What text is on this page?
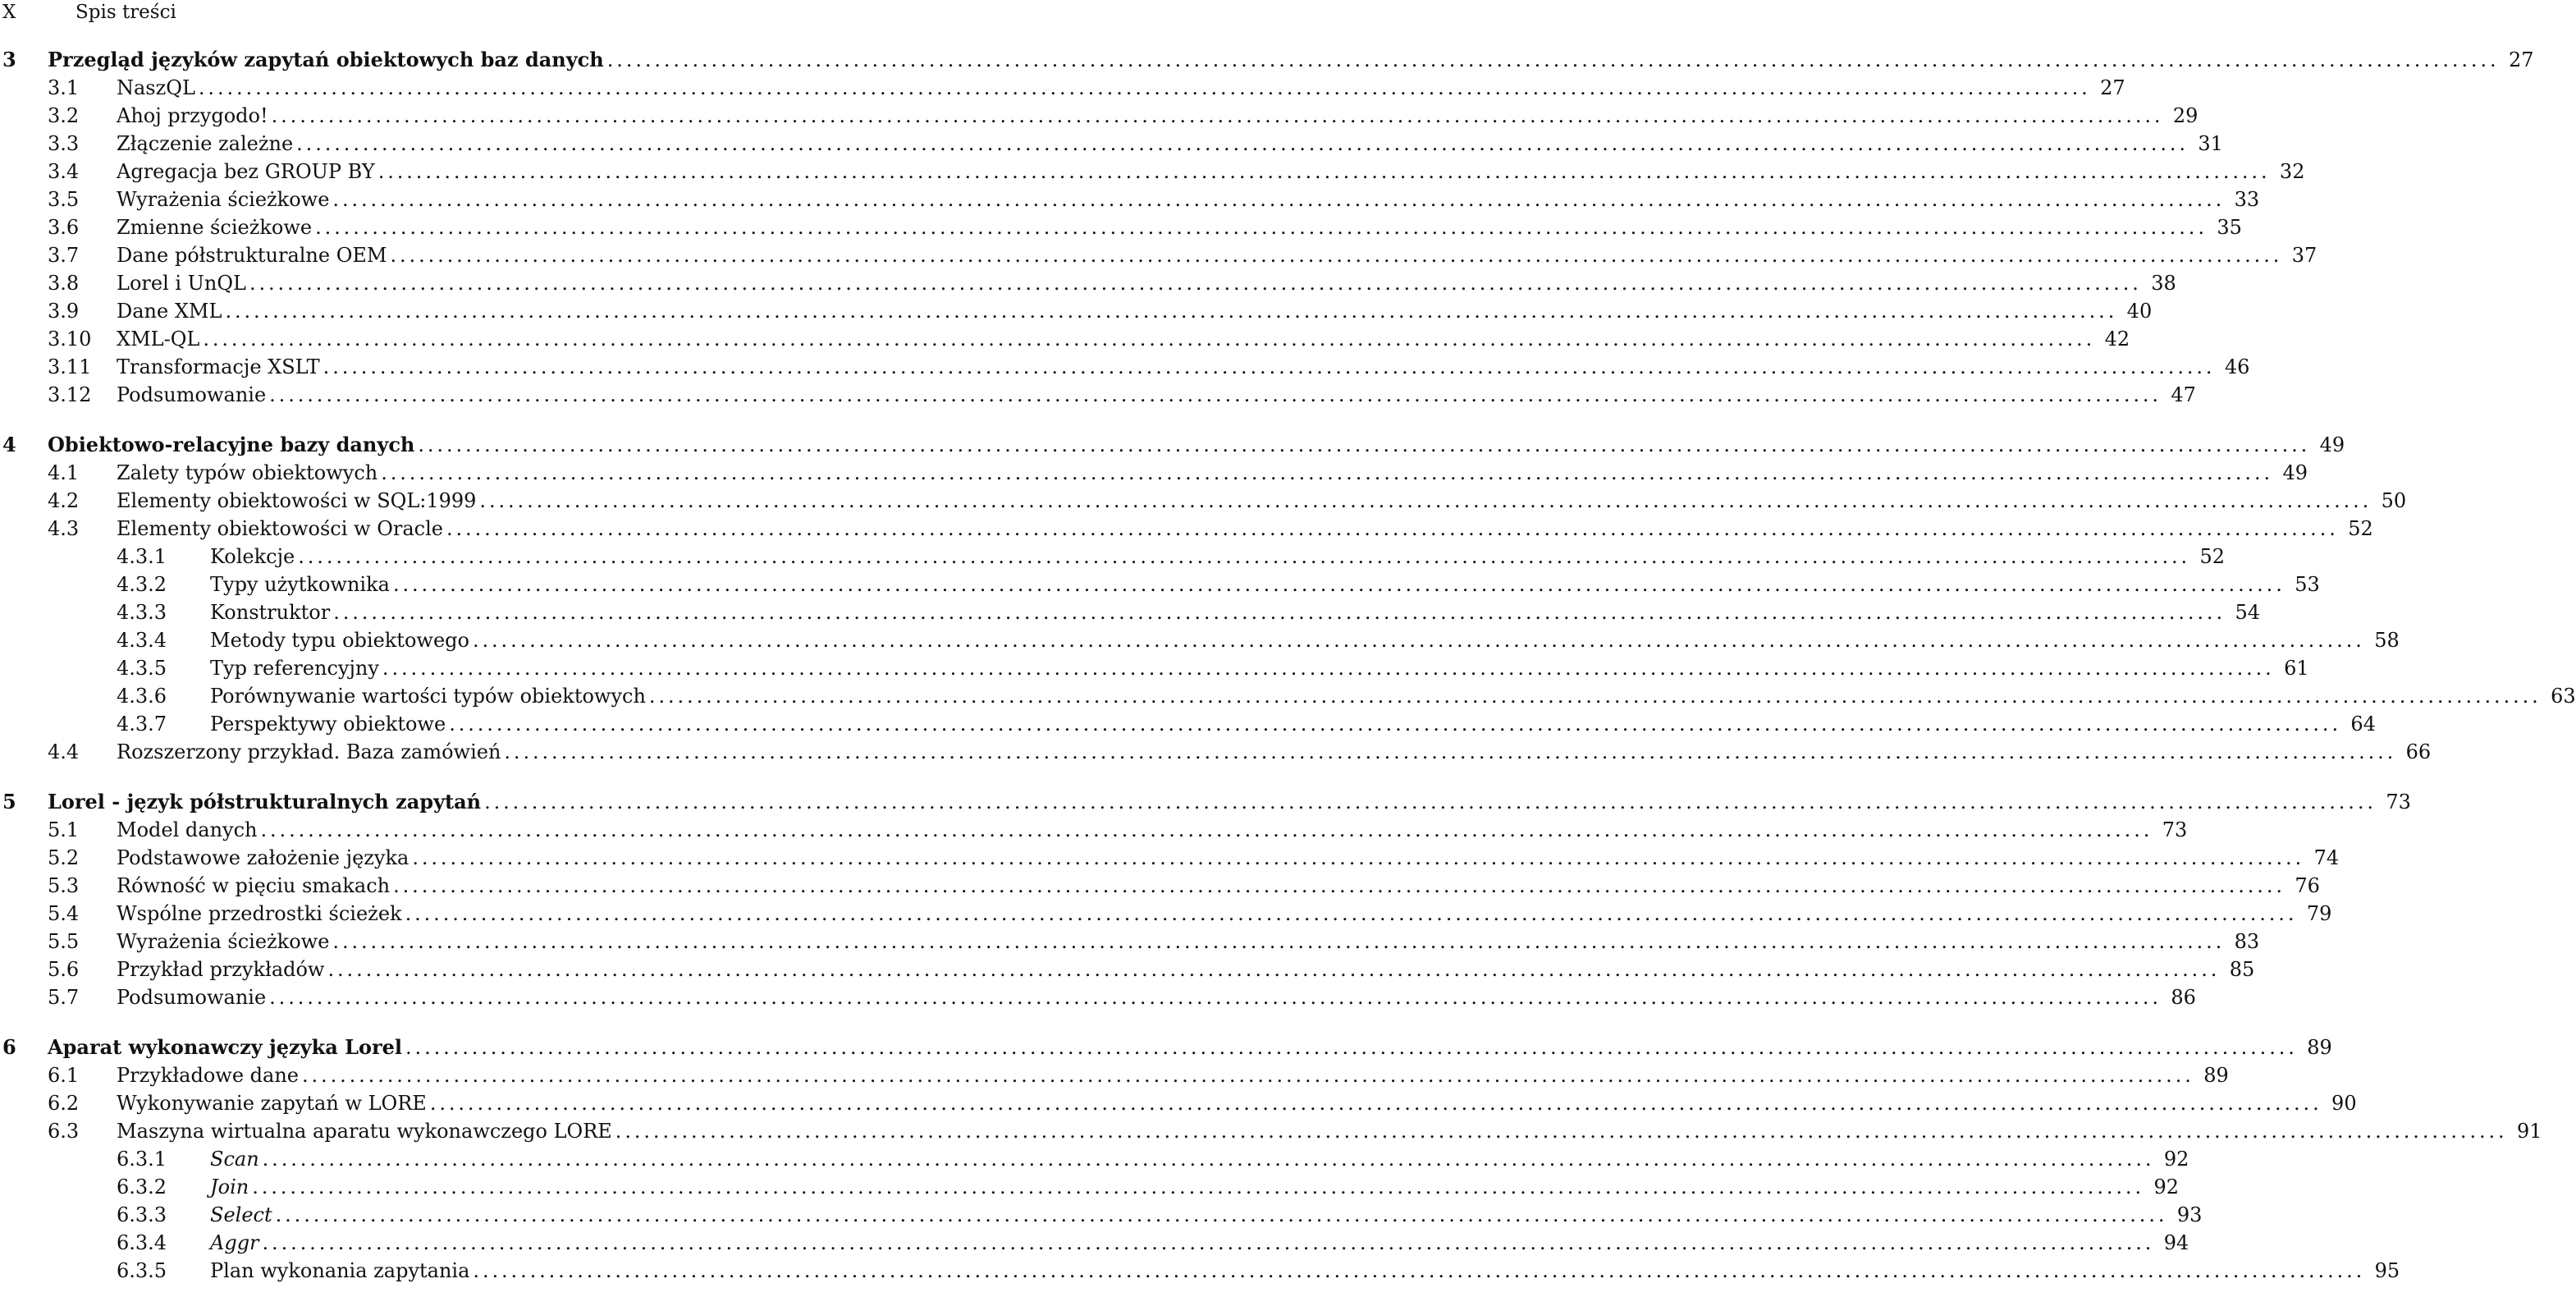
X	Spis treści
3 Przegląd języków zapytań obiektowych baz danych ........................................................................................................................................................................................................ 27
3.1 NaszQL ........................................................................................................................................................................................................ 27
3.2 Ahoj przygodo! ........................................................................................................................................................................................................ 29
3.3 Złączenie zależne ........................................................................................................................................................................................................ 31
3.4 Agregacja bez GROUP BY ........................................................................................................................................................................................................ 32
3.5 Wyrażenia ścieżkowe ........................................................................................................................................................................................................ 33
3.6 Zmienne ścieżkowe ........................................................................................................................................................................................................ 35
3.7 Dane półstrukturalne OEM ........................................................................................................................................................................................................ 37
3.8 Lorel i UnQL ........................................................................................................................................................................................................ 38
3.9 Dane XML ........................................................................................................................................................................................................ 40
3.10 XML-QL ........................................................................................................................................................................................................ 42
3.11 Transformacje XSLT ........................................................................................................................................................................................................ 46
3.12 Podsumowanie ........................................................................................................................................................................................................ 47
4 Obiektowo-relacyjne bazy danych ........................................................................................................................................................................................................ 49
4.1 Zalety typów obiektowych ........................................................................................................................................................................................................ 49
4.2 Elementy obiektowości w SQL:1999 ........................................................................................................................................................................................................ 50
4.3 Elementy obiektowości w Oracle ........................................................................................................................................................................................................ 52
4.3.1 Kolekcje ........................................................................................................................................................................................................ 52
4.3.2 Typy użytkownika ........................................................................................................................................................................................................ 53
4.3.3 Konstruktor ........................................................................................................................................................................................................ 54
4.3.4 Metody typu obiektowego ........................................................................................................................................................................................................ 58
4.3.5 Typ referencyjny ........................................................................................................................................................................................................ 61
4.3.6 Porównywanie wartości typów obiektowych ........................................................................................................................................................................................................ 63
4.3.7 Perspektywy obiektowe ........................................................................................................................................................................................................ 64
4.4 Rozszerzony przykład. Baza zamówień ........................................................................................................................................................................................................ 66
5 Lorel - język półstrukturalnych zapytań ........................................................................................................................................................................................................ 73
5.1 Model danych ........................................................................................................................................................................................................ 73
5.2 Podstawowe założenie języka ........................................................................................................................................................................................................ 74
5.3 Równość w pięciu smakach ........................................................................................................................................................................................................ 76
5.4 Wspólne przedrostki ścieżek ........................................................................................................................................................................................................ 79
5.5 Wyrażenia ścieżkowe ........................................................................................................................................................................................................ 83
5.6 Przykład przykładów ........................................................................................................................................................................................................ 85
5.7 Podsumowanie ........................................................................................................................................................................................................ 86
6 Aparat wykonawczy języka Lorel ........................................................................................................................................................................................................ 89
6.1 Przykładowe dane ........................................................................................................................................................................................................ 89
6.2 Wykonywanie zapytań w LORE ........................................................................................................................................................................................................ 90
6.3 Maszyna wirtualna aparatu wykonawczego LORE ........................................................................................................................................................................................................ 91
6.3.1 Scan ........................................................................................................................................................................................................ 92
6.3.2 Join ........................................................................................................................................................................................................ 92
6.3.3 Select ........................................................................................................................................................................................................ 93
6.3.4 Aggr ........................................................................................................................................................................................................ 94
6.3.5 Plan wykonania zapytania ........................................................................................................................................................................................................ 95
